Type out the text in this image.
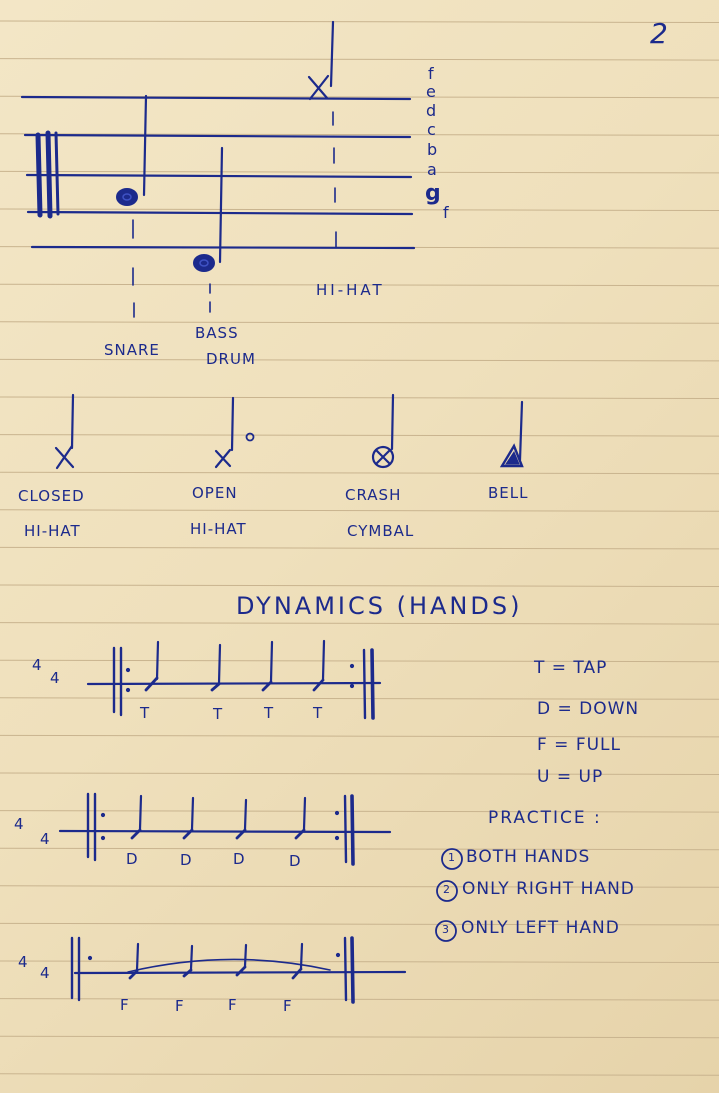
2
f
e
d
c
b
a
g
f
SNARE
BASS
DRUM
HI-HAT
CLOSED
HI-HAT
OPEN
HI-HAT
CRASH
CYMBAL
BELL
DYNAMICS (HANDS)
4
4
4
4
4
4
T	T	T	T
D	D	D	D
F	F	F	F
T = TAP
D = DOWN
F = FULL
U = UP
PRACTICE :
1 BOTH HANDS
2 ONLY RIGHT HAND
3 ONLY LEFT HAND
